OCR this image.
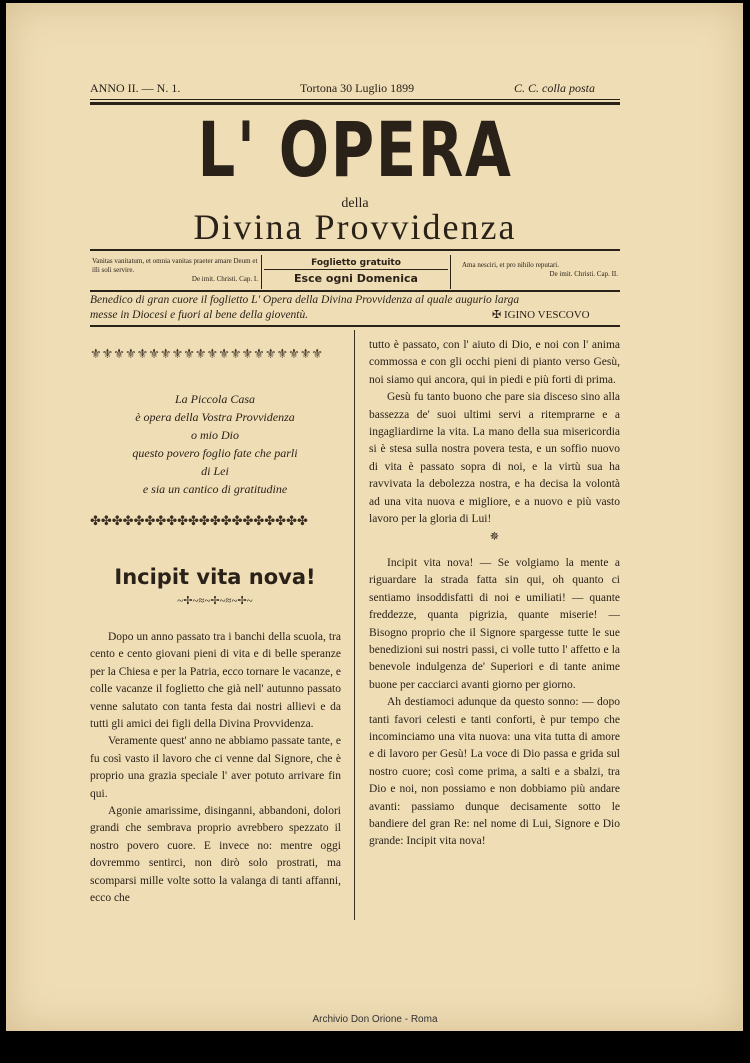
ANNO II. — N. 1.	Tortona 30 Luglio 1899	C. C. colla posta
L' OPERA
della
Divina Provvidenza
Vanitas vanitatum, et omnia vanitas praeter amare Deum et illi soli servire.
De imit. Christi. Cap. I.
Foglietto gratuito
Esce ogni Domenica
Ama nesciri, et pro nihilo reputari.
De imit. Christi. Cap. II.
Benedico di gran cuore il foglietto L' Opera della Divina Provvidenza al quale augurio larga
messe in Diocesi e fuori al bene della gioventù.	✠ IGINO VESCOVO
⚜⚜⚜⚜⚜⚜⚜⚜⚜⚜⚜⚜⚜⚜⚜⚜⚜⚜⚜⚜
La Piccola Casa
è opera della Vostra Provvidenza
o mio Dio
questo povero foglio fate che parli
di Lei
e sia un cantico di gratitudine
✤✤✤✤✤✤✤✤✤✤✤✤✤✤✤✤✤✤✤✤
Incipit vita nova!
~✢~≈~✢~≈~✢~

Dopo un anno passato tra i banchi della scuola, tra cento e cento giovani pieni di vita e di belle speranze per la Chiesa e per la Patria, ecco tornare le vacanze, e colle vacanze il foglietto che già nell' autunno passato venne salutato con tanta festa dai nostri allievi e da tutti gli amici dei figli della Divina Provvidenza.

Veramente quest' anno ne abbiamo passate tante, e fu così vasto il lavoro che ci venne dal Signore, che è proprio una grazia speciale l' aver potuto arrivare fin qui.

Agonie amarissime, disinganni, abbandoni, dolori grandi che sembrava proprio avrebbero spezzato il nostro povero cuore. E invece no: mentre oggi dovremmo sentirci, non dirò solo prostrati, ma scomparsi mille volte sotto la valanga di tanti affanni, ecco che

tutto è passato, con l' aiuto di Dio, e noi con l' anima commossa e con gli occhi pieni di pianto verso Gesù, noi siamo qui ancora, qui in piedi e più forti di prima.

Gesù fu tanto buono che pare sia disceso sino alla bassezza de' suoi ultimi servi a ritemprarne e a ingagliardirne la vita. La mano della sua misericordia si è stesa sulla nostra povera testa, e un soffio nuovo di vita è passato sopra di noi, e la virtù sua ha ravvivata la debolezza nostra, e ha decisa la volontà ad una vita nuova e migliore, e a nuovo e più vasto lavoro per la gloria di Lui!

✵

Incipit vita nova! — Se volgiamo la mente a riguardare la strada fatta sin qui, oh quanto ci sentiamo insoddisfatti di noi e umiliati! — quante freddezze, quanta pigrizia, quante miserie! — Bisogno proprio che il Signore spargesse tutte le sue benedizioni sui nostri passi, ci volle tutto l' affetto e la benevole indulgenza de' Superiori e di tante anime buone per cacciarci avanti giorno per giorno.

Ah destiamoci adunque da questo sonno: — dopo tanti favori celesti e tanti conforti, è pur tempo che incominciamo una vita nuova: una vita tutta di amore e di lavoro per Gesù! La voce di Dio passa e grida sul nostro cuore; così come prima, a salti e a sbalzi, tra Dio e noi, non possiamo e non dobbiamo più andare avanti: passiamo dunque decisamente sotto le bandiere del gran Re: nel nome di Lui, Signore e Dio grande: Incipit vita nova!

Archivio Don Orione - Roma
